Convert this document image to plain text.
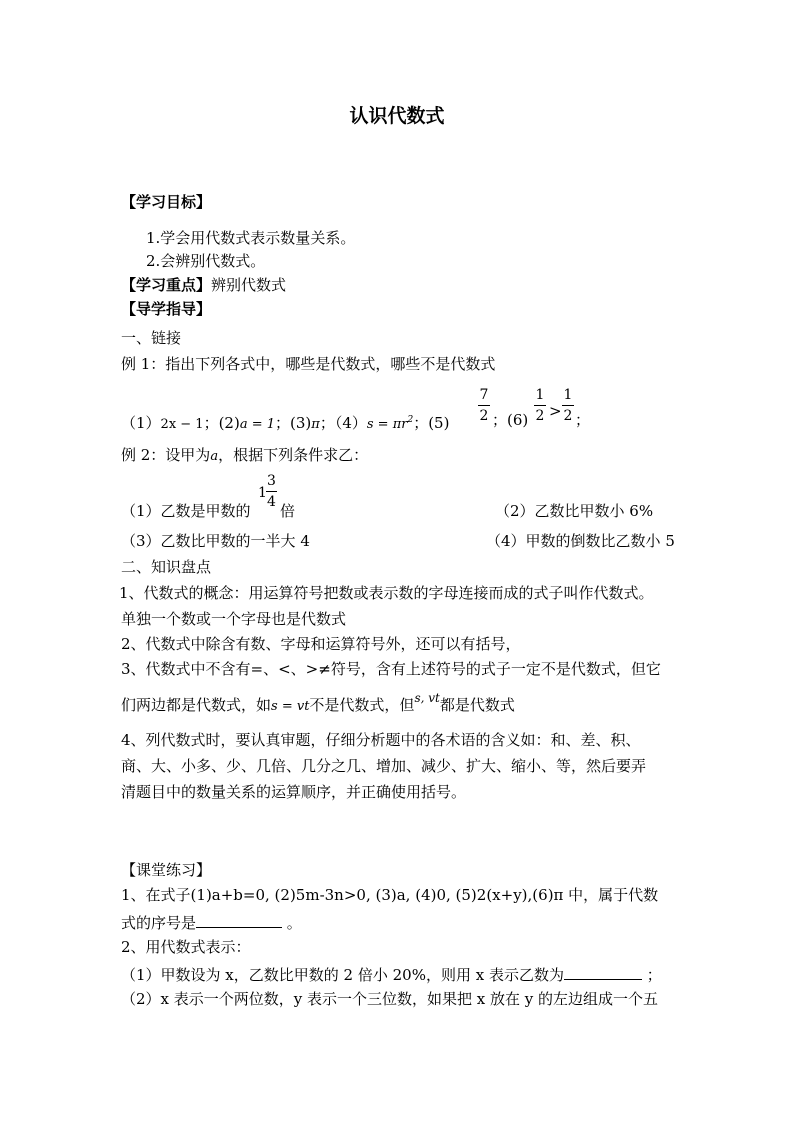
认识代数式
【学习目标】
1.学会用代数式表示数量关系。
2.会辨别代数式。
【学习重点】辨别代数式
【导学指导】
一、链接
例 1：指出下列各式中，哪些是代数式，哪些不是代数式
（1）2x − 1；(2)a = 1；(3)π；$(4)s = \pi r^2$；(5)
7
2 ；(6)
1
2 >
1
2 ；
例 2：设甲为a，根据下列条件求乙：
（1）乙数是甲数的
1
3
4 倍	（2）乙数比甲数小 6%
（3）乙数比甲数的一半大 4	（4）甲数的倒数比乙数小 5
二、知识盘点
1、代数式的概念：用运算符号把数或表示数的字母连接而成的式子叫作代数式。
单独一个数或一个字母也是代数式
2、代数式中除含有数、字母和运算符号外，还可以有括号，
3、代数式中不含有=、<、>≠符号，含有上述符号的式子一定不是代数式，但它
们两边都是代数式，如s = vt不是代数式，但$^{s, vt}$都是代数式
4、列代数式时，要认真审题，仔细分析题中的各术语的含义如：和、差、积、
商、大、小多、少、几倍、几分之几、增加、减少、扩大、缩小、等，然后要弄
清题目中的数量关系的运算顺序，并正确使用括号。
【课堂练习】
1、在式子(1)a+b=0, (2)5m-3n>0, (3)a, (4)0, (5)2(x+y),(6)π 中，属于代数
式的序号是	。
2、用代数式表示：
（1）甲数设为 x，乙数比甲数的 2 倍小 20%，则用 x 表示乙数为	；
（2）x 表示一个两位数，y 表示一个三位数，如果把 x 放在 y 的左边组成一个五
